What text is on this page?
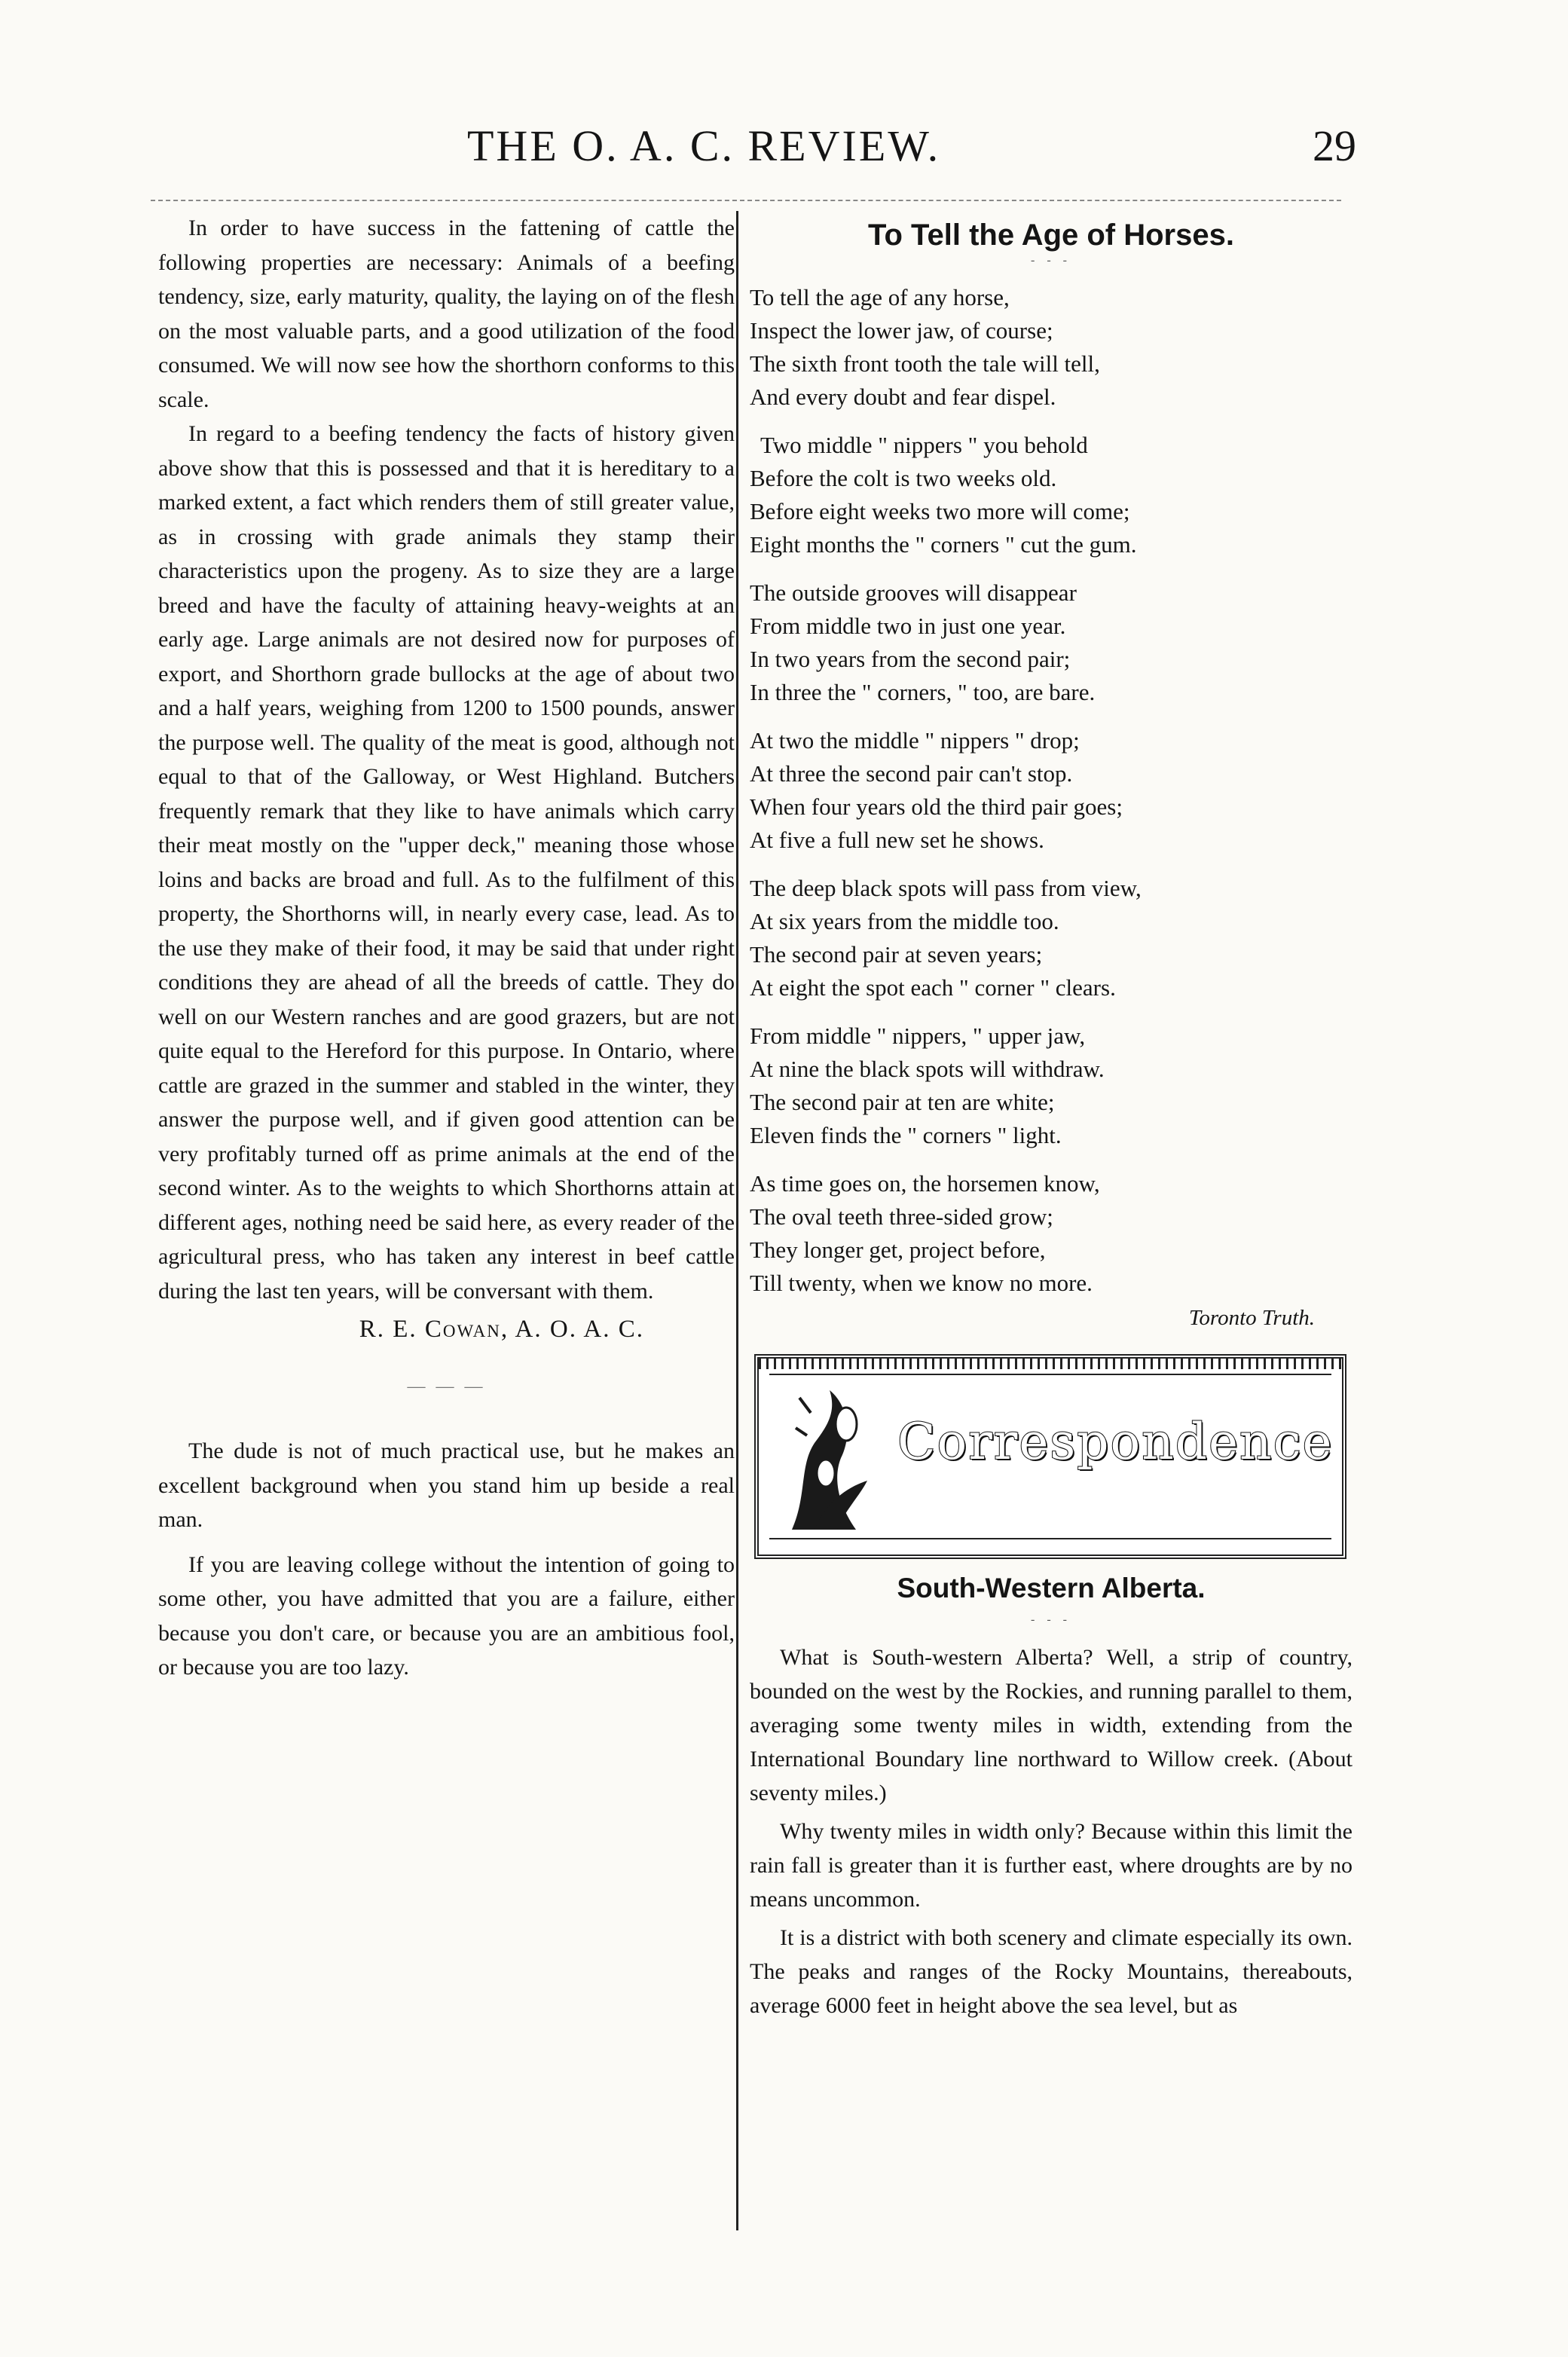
THE O. A. C. REVIEW.	29

In order to have success in the fattening of cattle the following properties are necessary: Animals of a beefing tendency, size, early maturity, quality, the laying on of the flesh on the most valuable parts, and a good utilization of the food consumed. We will now see how the shorthorn conforms to this scale.

In regard to a beefing tendency the facts of history given above show that this is possessed and that it is hereditary to a marked extent, a fact which renders them of still greater value, as in crossing with grade animals they stamp their characteristics upon the progeny. As to size they are a large breed and have the faculty of attaining heavy-weights at an early age. Large animals are not desired now for purposes of export, and Shorthorn grade bullocks at the age of about two and a half years, weighing from 1200 to 1500 pounds, answer the purpose well. The quality of the meat is good, although not equal to that of the Galloway, or West Highland. Butchers frequently remark that they like to have animals which carry their meat mostly on the "upper deck," meaning those whose loins and backs are broad and full. As to the fulfilment of this property, the Shorthorns will, in nearly every case, lead. As to the use they make of their food, it may be said that under right conditions they are ahead of all the breeds of cattle. They do well on our Western ranches and are good grazers, but are not quite equal to the Hereford for this purpose. In Ontario, where cattle are grazed in the summer and stabled in the winter, they answer the purpose well, and if given good attention can be very profitably turned off as prime animals at the end of the second winter. As to the weights to which Shorthorns attain at different ages, nothing need be said here, as every reader of the agricultural press, who has taken any interest in beef cattle during the last ten years, will be conversant with them.

R. E. Cowan, A. O. A. C.
— — —

The dude is not of much practical use, but he makes an excellent background when you stand him up beside a real man.

If you are leaving college without the intention of going to some other, you have admitted that you are a failure, either because you don't care, or because you are an ambitious fool, or because you are too lazy.

To Tell the Age of Horses.
- - -
To tell the age of any horse,
Inspect the lower jaw, of course;
The sixth front tooth the tale will tell,
And every doubt and fear dispel.
Two middle " nippers " you behold
Before the colt is two weeks old.
Before eight weeks two more will come;
Eight months the " corners " cut the gum.
The outside grooves will disappear
From middle two in just one year.
In two years from the second pair;
In three the " corners, " too, are bare.
At two the middle " nippers " drop;
At three the second pair can't stop.
When four years old the third pair goes;
At five a full new set he shows.
The deep black spots will pass from view,
At six years from the middle too.
The second pair at seven years;
At eight the spot each " corner " clears.
From middle " nippers, " upper jaw,
At nine the black spots will withdraw.
The second pair at ten are white;
Eleven finds the " corners " light.
As time goes on, the horsemen know,
The oval teeth three-sided grow;
They longer get, project before,
Till twenty, when we know no more.
Toronto Truth.
Correspondence
South-Western Alberta.
- - -

What is South-western Alberta? Well, a strip of country, bounded on the west by the Rockies, and running parallel to them, averaging some twenty miles in width, extending from the International Boundary line northward to Willow creek. (About seventy miles.)

Why twenty miles in width only? Because within this limit the rain fall is greater than it is further east, where droughts are by no means uncommon.

It is a district with both scenery and climate especially its own. The peaks and ranges of the Rocky Mountains, thereabouts, average 6000 feet in height above the sea level, but as
